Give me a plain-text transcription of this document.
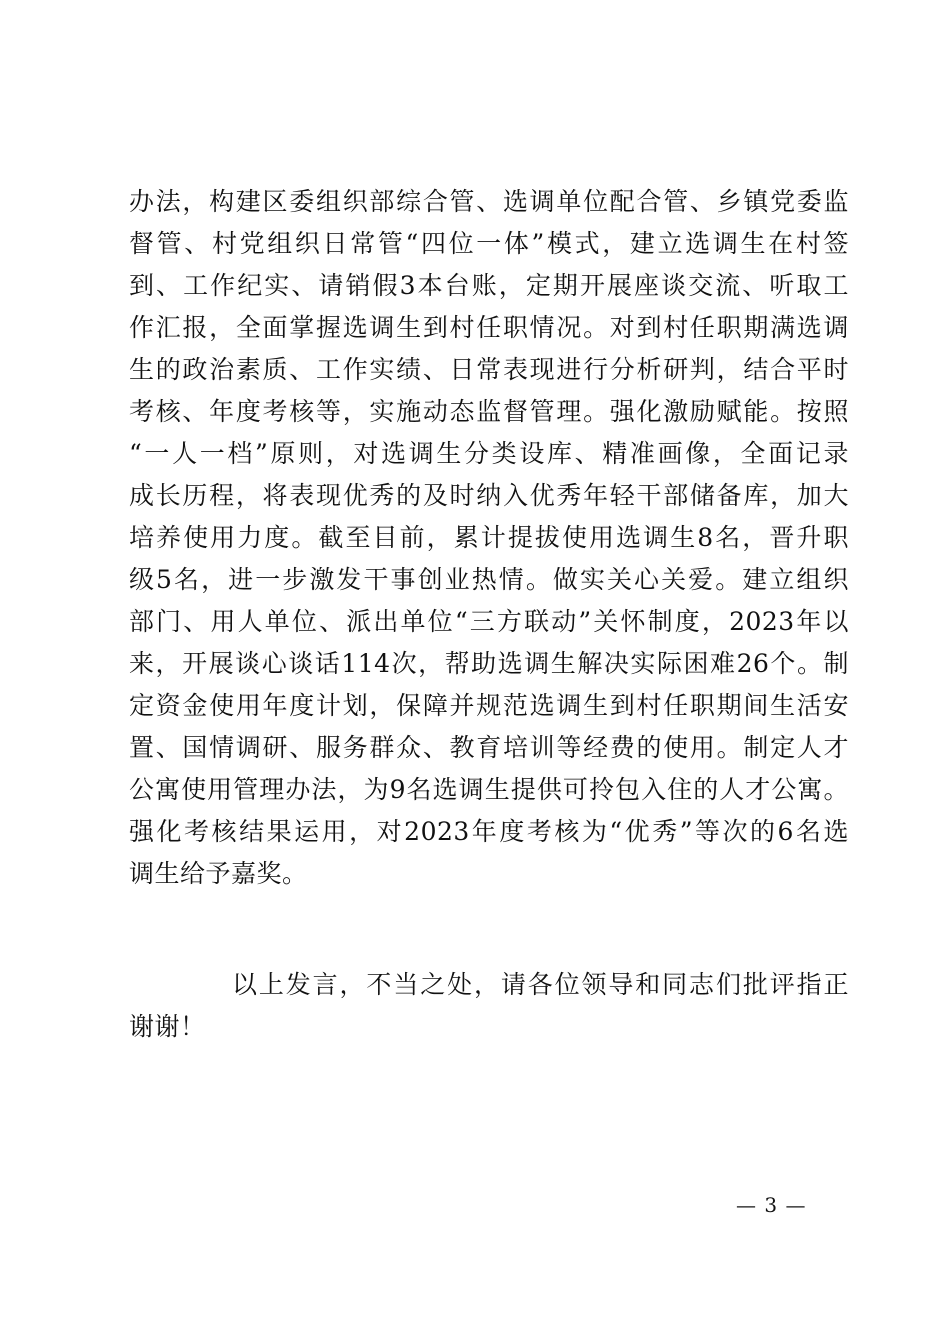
办法，构建区委组织部综合管、选调单位配合管、乡镇党委监
督管、村党组织日常管“四位一体”模式，建立选调生在村签
到、工作纪实、请销假3本台账，定期开展座谈交流、听取工
作汇报，全面掌握选调生到村任职情况。对到村任职期满选调
生的政治素质、工作实绩、日常表现进行分析研判，结合平时
考核、年度考核等，实施动态监督管理。强化激励赋能。按照
“一人一档”原则，对选调生分类设库、精准画像，全面记录
成长历程，将表现优秀的及时纳入优秀年轻干部储备库，加大
培养使用力度。截至目前，累计提拔使用选调生8名，晋升职
级5名，进一步激发干事创业热情。做实关心关爱。建立组织
部门、用人单位、派出单位“三方联动”关怀制度，2023年以
来，开展谈心谈话114次，帮助选调生解决实际困难26个。制
定资金使用年度计划，保障并规范选调生到村任职期间生活安
置、国情调研、服务群众、教育培训等经费的使用。制定人才
公寓使用管理办法，为9名选调生提供可拎包入住的人才公寓。
强化考核结果运用，对2023年度考核为“优秀”等次的6名选
调生给予嘉奖。
以上发言，不当之处，请各位领导和同志们批评指正
谢谢！
— 3 —
